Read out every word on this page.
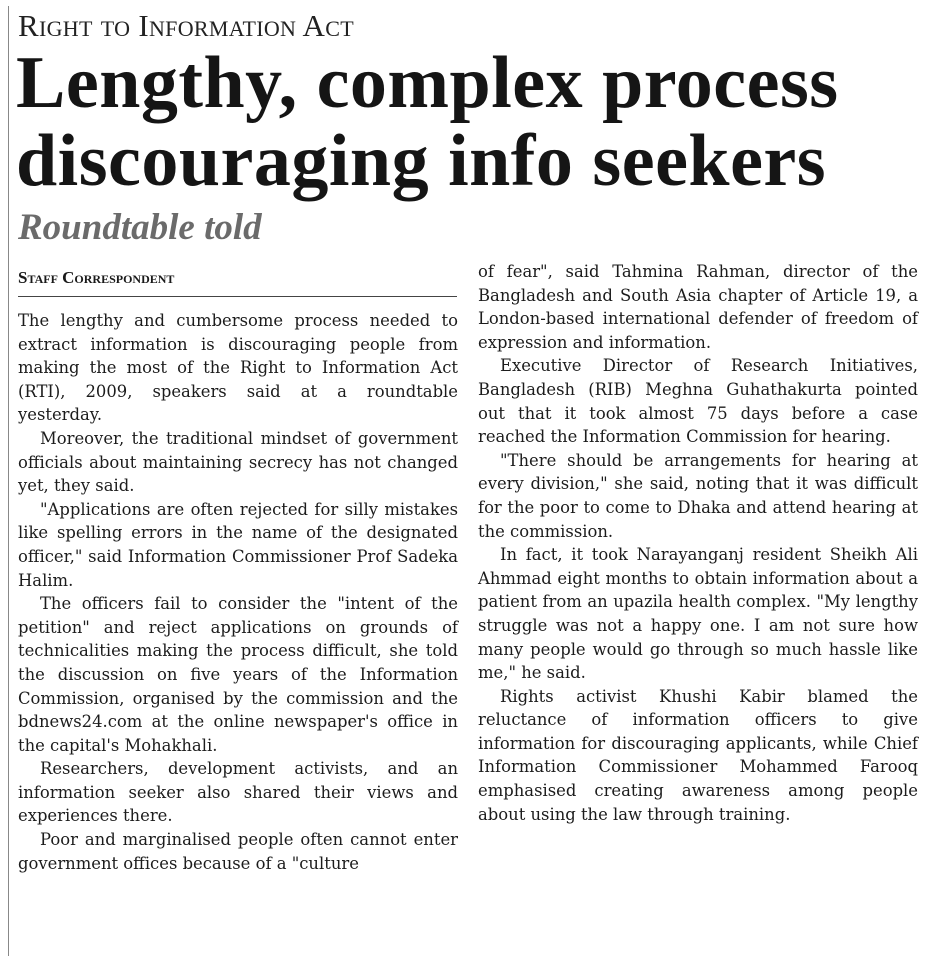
Right to Information Act
Lengthy, complex process
discouraging info seekers
Roundtable told
Staff Correspondent

The lengthy and cumbersome process needed to extract information is discouraging people from making the most of the Right to Information Act (RTI), 2009, speakers said at a roundtable yesterday.

Moreover, the traditional mindset of government officials about maintaining secrecy has not changed yet, they said.

"Applications are often rejected for silly mistakes like spelling errors in the name of the designated officer," said Information Commissioner Prof Sadeka Halim.

The officers fail to consider the "intent of the petition" and reject applications on grounds of technicalities making the process difficult, she told the discussion on five years of the Information Commission, organised by the commission and the bdnews24.com at the online newspaper's office in the capital's Mohakhali.

Researchers, development activists, and an information seeker also shared their views and experiences there.

Poor and marginalised people often cannot enter government offices because of a "culture

of fear", said Tahmina Rahman, director of the Bangladesh and South Asia chapter of Article 19, a London-based international defender of freedom of expression and information.

Executive Director of Research Initiatives, Bangladesh (RIB) Meghna Guhathakurta pointed out that it took almost 75 days before a case reached the Information Commission for hearing.

"There should be arrangements for hearing at every division," she said, noting that it was difficult for the poor to come to Dhaka and attend hearing at the commission.

In fact, it took Narayanganj resident Sheikh Ali Ahmmad eight months to obtain information about a patient from an upazila health complex. "My lengthy struggle was not a happy one. I am not sure how many people would go through so much hassle like me," he said.

Rights activist Khushi Kabir blamed the reluctance of information officers to give information for discouraging applicants, while Chief Information Commissioner Mohammed Farooq emphasised creating awareness among people about using the law through training.
